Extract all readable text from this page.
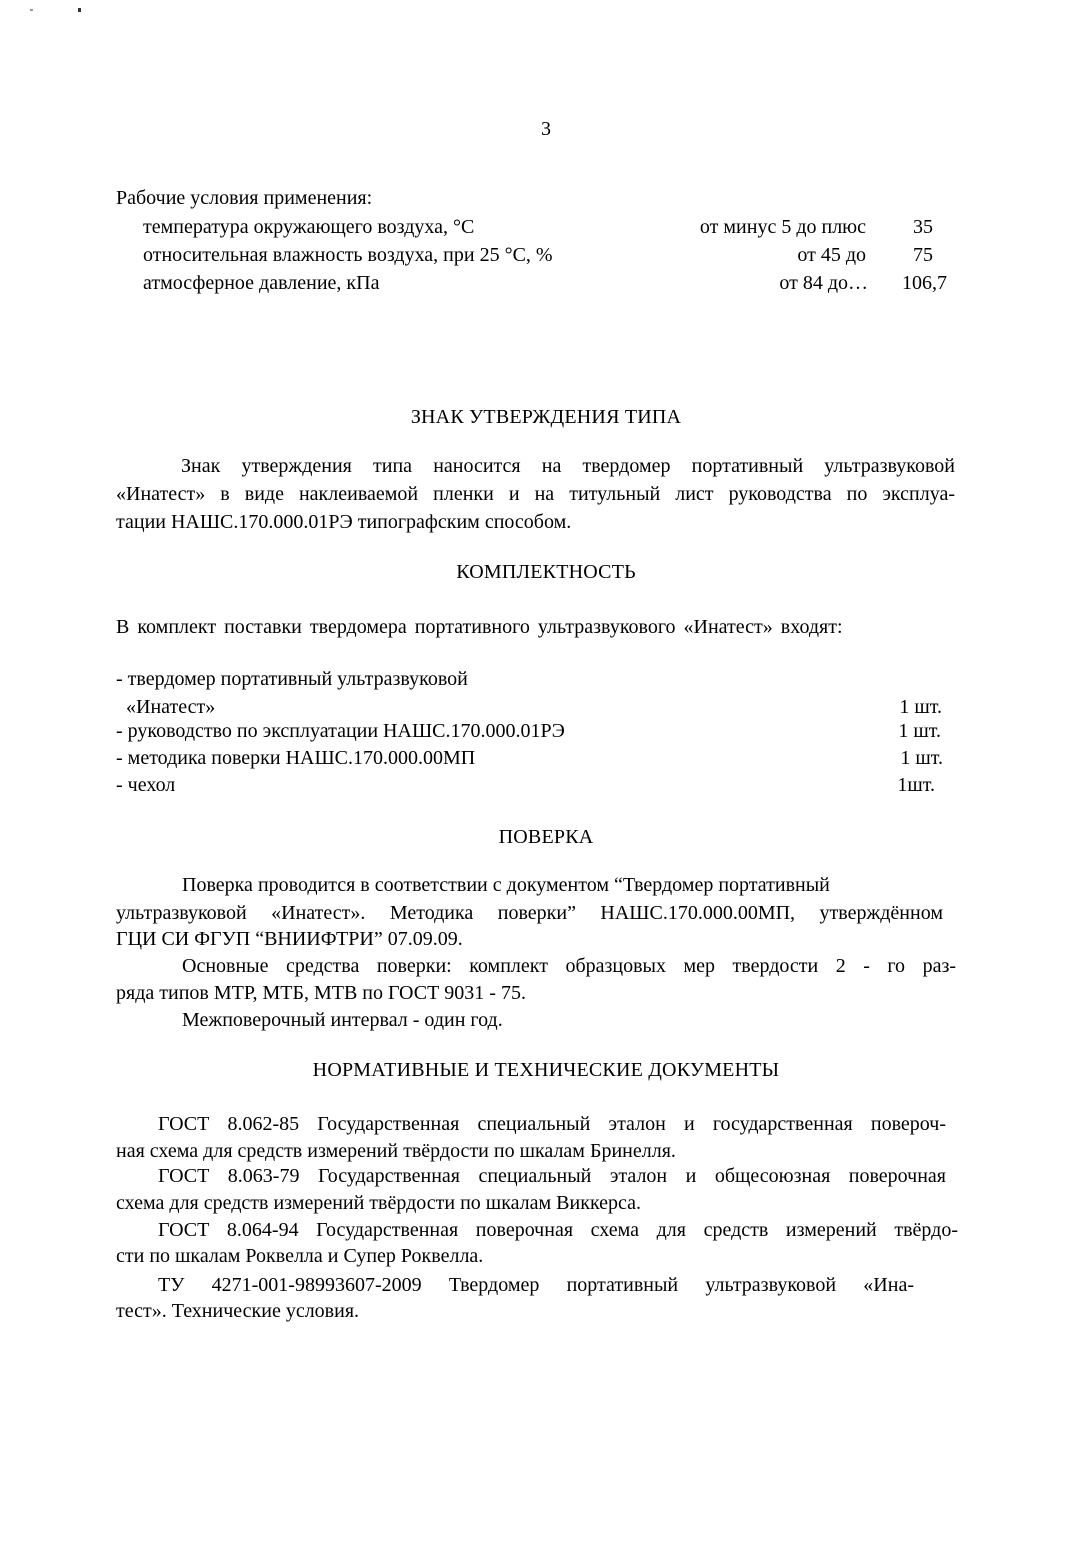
3
Рабочие условия применения:
температура окружающего воздуха, °С	от минус 5 до плюс	35
относительная влажность воздуха, при 25 °С, %	от 45 до	75
атмосферное давление, кПа	от 84 до…	106,7
ЗНАК УТВЕРЖДЕНИЯ ТИПА
Знак утверждения типа наносится на твердомер портативный ультразвуковой
«Инатест» в виде наклеиваемой пленки и на титульный лист руководства по эксплуа-
тации НАШС.170.000.01РЭ типографским способом.
КОМПЛЕКТНОСТЬ
В комплект поставки твердомера портативного ультразвукового «Инатест» входят:
- твердомер портативный ультразвуковой
«Инатест»	1 шт.
- руководство по эксплуатации НАШС.170.000.01РЭ	1 шт.
- методика поверки НАШС.170.000.00МП	1 шт.
- чехол	1шт.
ПОВЕРКА
Поверка проводится в соответствии с документом “Твердомер портативный
ультразвуковой «Инатест». Методика поверки” НАШС.170.000.00МП, утверждённом
ГЦИ СИ ФГУП “ВНИИФТРИ” 07.09.09.
Основные средства поверки: комплект образцовых мер твердости 2 - го раз-
ряда типов МТР, МТБ, МТВ по ГОСТ 9031 - 75.
Межповерочный интервал - один год.
НОРМАТИВНЫЕ И ТЕХНИЧЕСКИЕ ДОКУМЕНТЫ
ГОСТ 8.062-85 Государственная специальный эталон и государственная повероч-
ная схема для средств измерений твёрдости по шкалам Бринелля.
ГОСТ 8.063-79 Государственная специальный эталон и общесоюзная поверочная
схема для средств измерений твёрдости по шкалам Виккерса.
ГОСТ 8.064-94 Государственная поверочная схема для средств измерений твёрдо-
сти по шкалам Роквелла и Супер Роквелла.
ТУ 4271-001-98993607-2009 Твердомер портативный ультразвуковой «Ина-
тест». Технические условия.
